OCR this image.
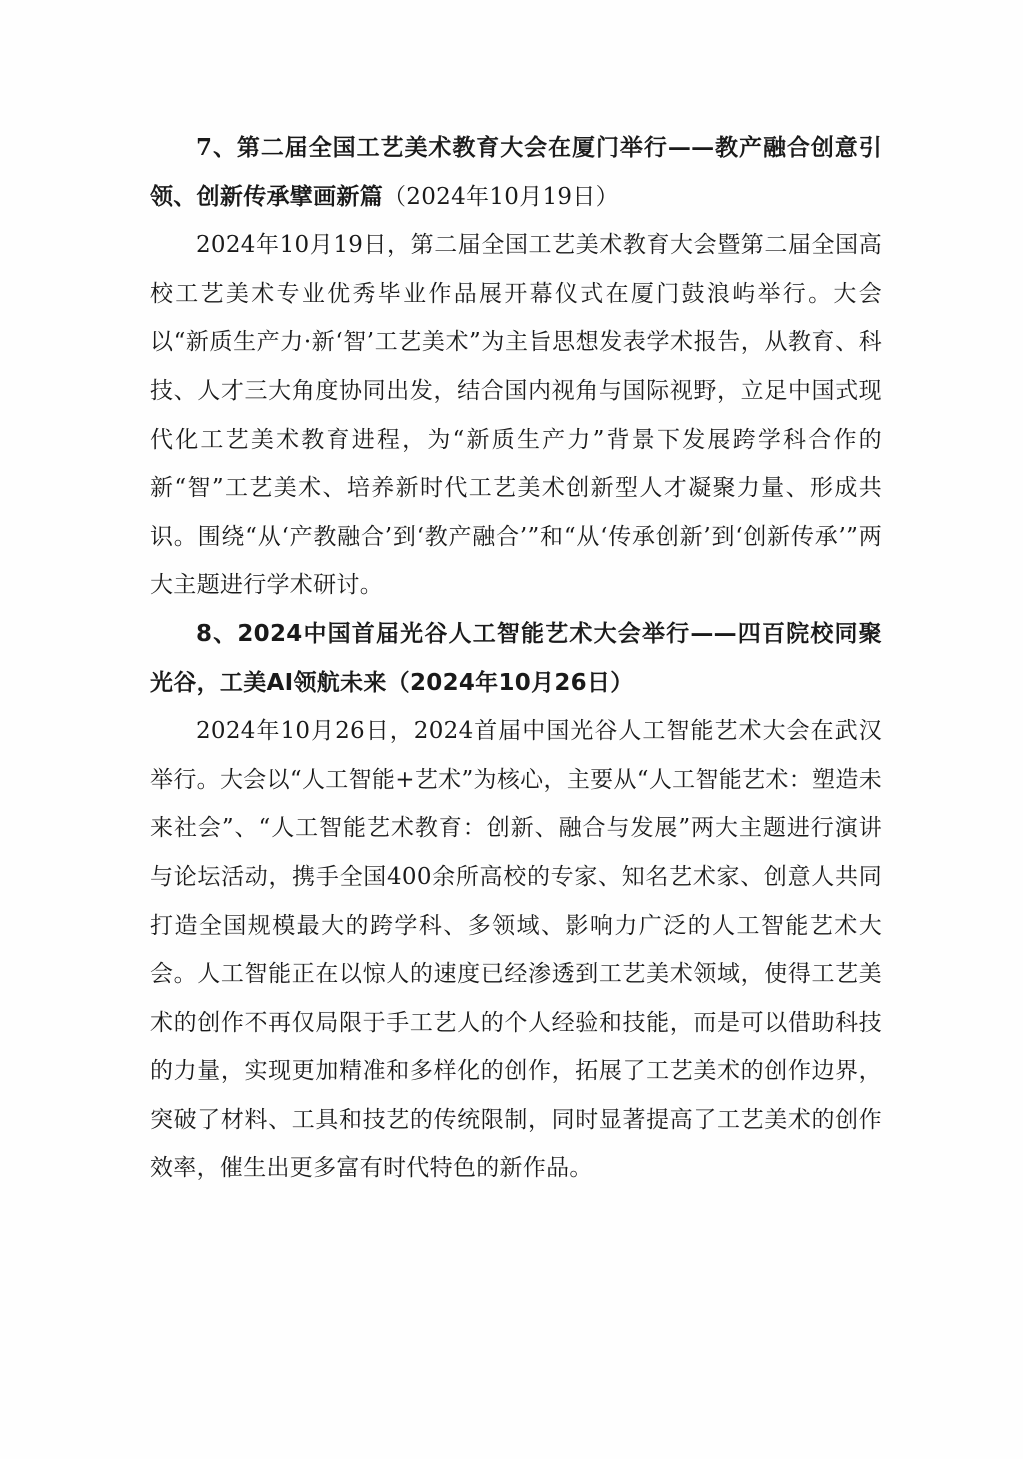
7、第二届全国工艺美术教育大会在厦门举行——教产融合创意引领、创新传承擘画新篇（2024年10月19日）

2024年10月19日，第二届全国工艺美术教育大会暨第二届全国高校工艺美术专业优秀毕业作品展开幕仪式在厦门鼓浪屿举行。大会以“新质生产力·新‘智’工艺美术”为主旨思想发表学术报告，从教育、科技、人才三大角度协同出发，结合国内视角与国际视野，立足中国式现代化工艺美术教育进程，为“新质生产力”背景下发展跨学科合作的新“智”工艺美术、培养新时代工艺美术创新型人才凝聚力量、形成共识。围绕“从‘产教融合’到‘教产融合’”和“从‘传承创新’到‘创新传承’”两大主题进行学术研讨。

8、2024中国首届光谷人工智能艺术大会举行——四百院校同聚光谷，工美AI领航未来（2024年10月26日）

2024年10月26日，2024首届中国光谷人工智能艺术大会在武汉举行。大会以“人工智能+艺术”为核心，主要从“人工智能艺术：塑造未来社会”、“人工智能艺术教育：创新、融合与发展”两大主题进行演讲与论坛活动，携手全国400余所高校的专家、知名艺术家、创意人共同打造全国规模最大的跨学科、多领域、影响力广泛的人工智能艺术大会。人工智能正在以惊人的速度已经渗透到工艺美术领域，使得工艺美术的创作不再仅局限于手工艺人的个人经验和技能，而是可以借助科技的力量，实现更加精准和多样化的创作，拓展了工艺美术的创作边界，突破了材料、工具和技艺的传统限制，同时显著提高了工艺美术的创作效率，催生出更多富有时代特色的新作品。
